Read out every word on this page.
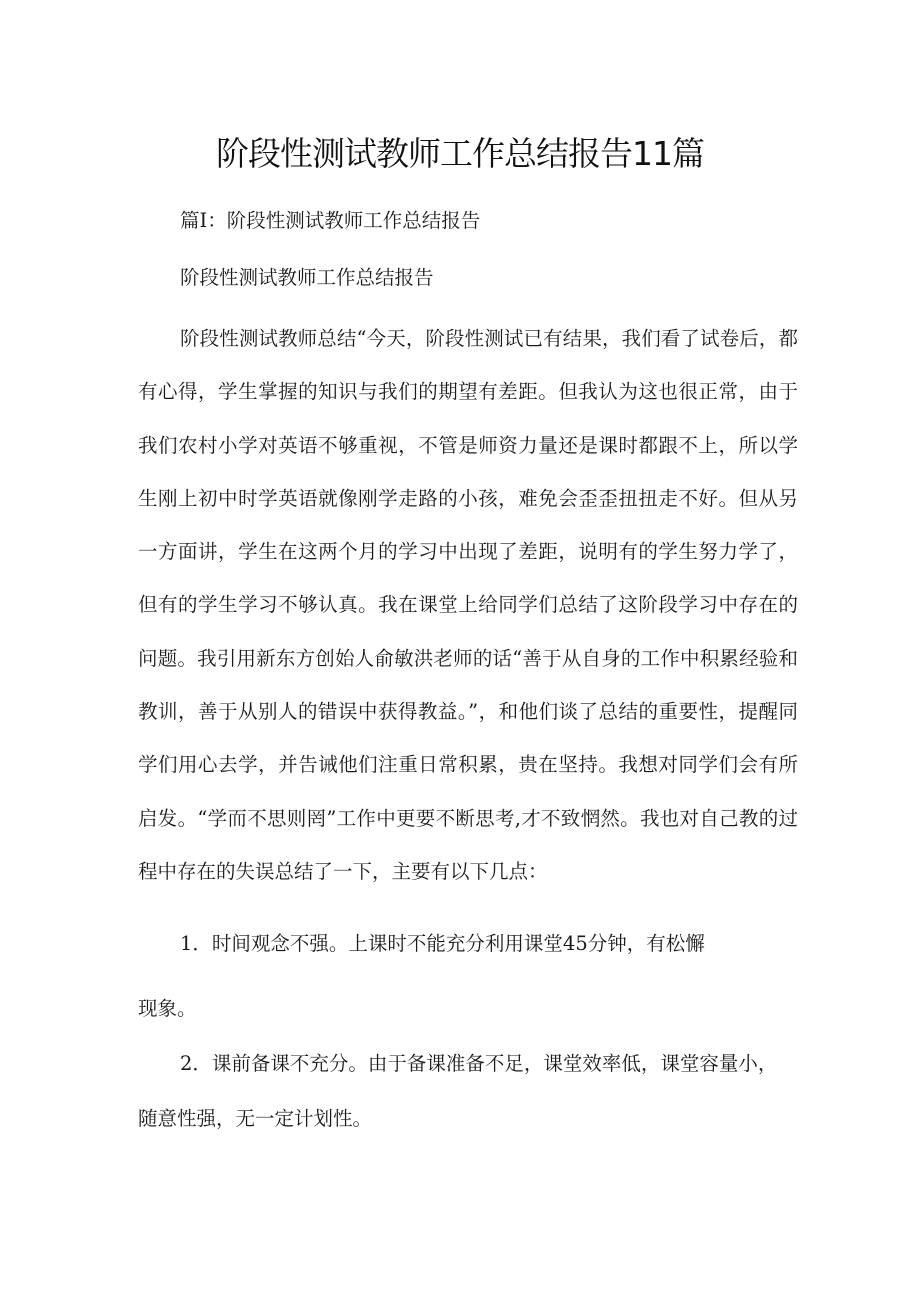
阶段性测试教师工作总结报告11篇
篇Ⅰ：阶段性测试教师工作总结报告
阶段性测试教师工作总结报告

阶段性测试教师总结“今天，阶段性测试已有结果，我们看了试卷后，都有心得，学生掌握的知识与我们的期望有差距。但我认为这也很正常，由于我们农村小学对英语不够重视，不管是师资力量还是课时都跟不上，所以学生刚上初中时学英语就像刚学走路的小孩，难免会歪歪扭扭走不好。但从另一方面讲，学生在这两个月的学习中出现了差距，说明有的学生努力学了，但有的学生学习不够认真。我在课堂上给同学们总结了这阶段学习中存在的问题。我引用新东方创始人俞敏洪老师的话“善于从自身的工作中积累经验和教训，善于从别人的错误中获得教益。”，和他们谈了总结的重要性，提醒同学们用心去学，并告诫他们注重日常积累，贵在坚持。我想对同学们会有所启发。“学而不思则罔”工作中更要不断思考,才不致惘然。我也对自己教的过程中存在的失误总结了一下，主要有以下几点：

1．时间观念不强。上课时不能充分利用课堂45分钟，有松懈
现象。
2．课前备课不充分。由于备课准备不足，课堂效率低，课堂容量小，
随意性强，无一定计划性。
